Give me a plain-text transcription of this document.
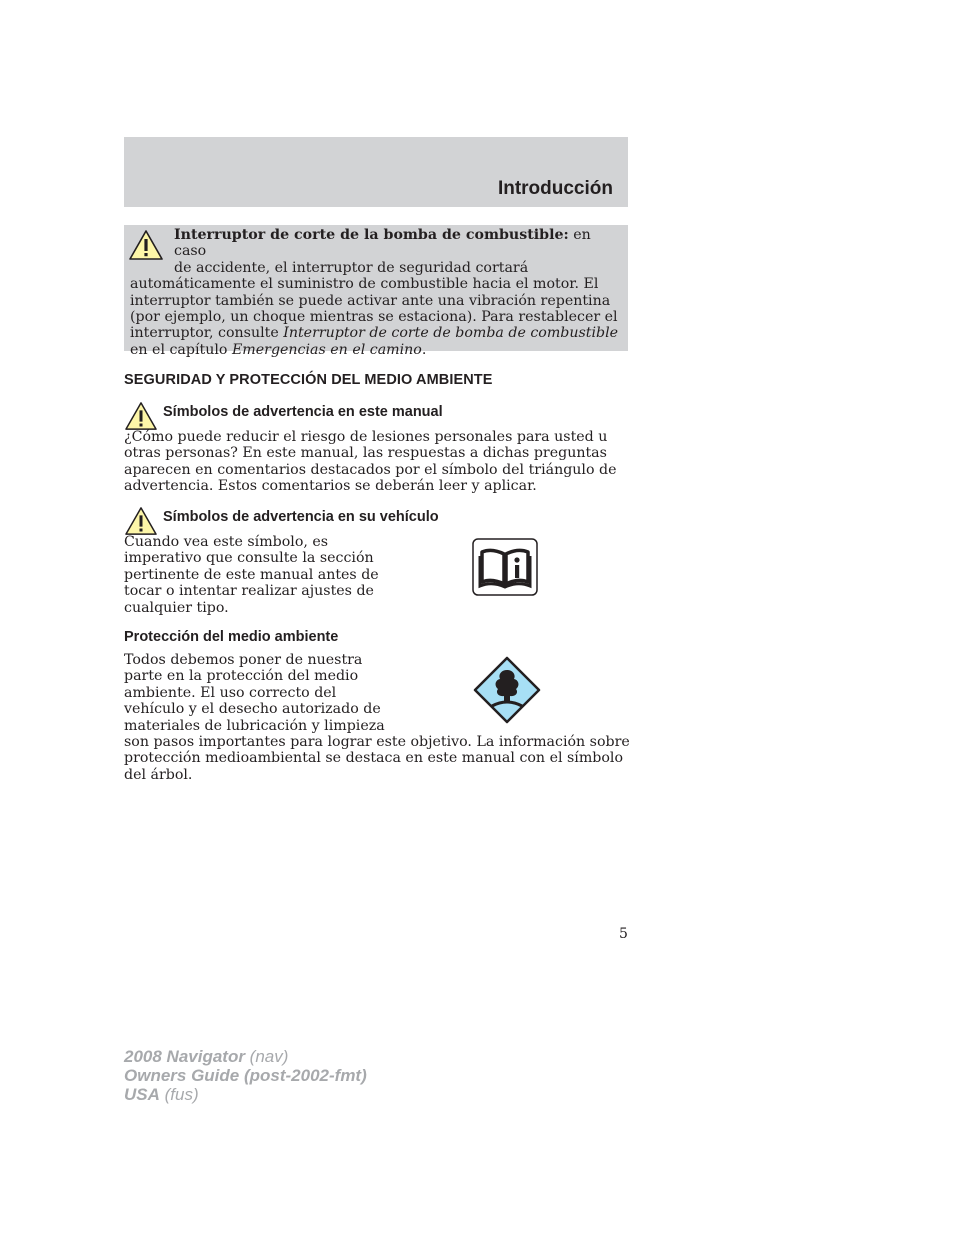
Introducción
Interruptor de corte de la bomba de combustible: en caso
de accidente, el interruptor de seguridad cortará
automáticamente el suministro de combustible hacia el motor. El interruptor también se puede activar ante una vibración repentina (por ejemplo, un choque mientras se estaciona). Para restablecer el interruptor, consulte Interruptor de corte de bomba de combustible en el capítulo Emergencias en el camino.
SEGURIDAD Y PROTECCIÓN DEL MEDIO AMBIENTE
Símbolos de advertencia en este manual
¿Cómo puede reducir el riesgo de lesiones personales para usted u otras personas? En este manual, las respuestas a dichas preguntas aparecen en comentarios destacados por el símbolo del triángulo de advertencia. Estos comentarios se deberán leer y aplicar.
Símbolos de advertencia en su vehículo
Cuando vea este símbolo, es
imperativo que consulte la sección
pertinente de este manual antes de
tocar o intentar realizar ajustes de
cualquier tipo.
Protección del medio ambiente
Todos debemos poner de nuestra
parte en la protección del medio
ambiente. El uso correcto del
vehículo y el desecho autorizado de
materiales de lubricación y limpieza
son pasos importantes para lograr este objetivo. La información sobre protección medioambiental se destaca en este manual con el símbolo del árbol.
5
2008 Navigator (nav)
Owners Guide (post-2002-fmt)
USA (fus)
